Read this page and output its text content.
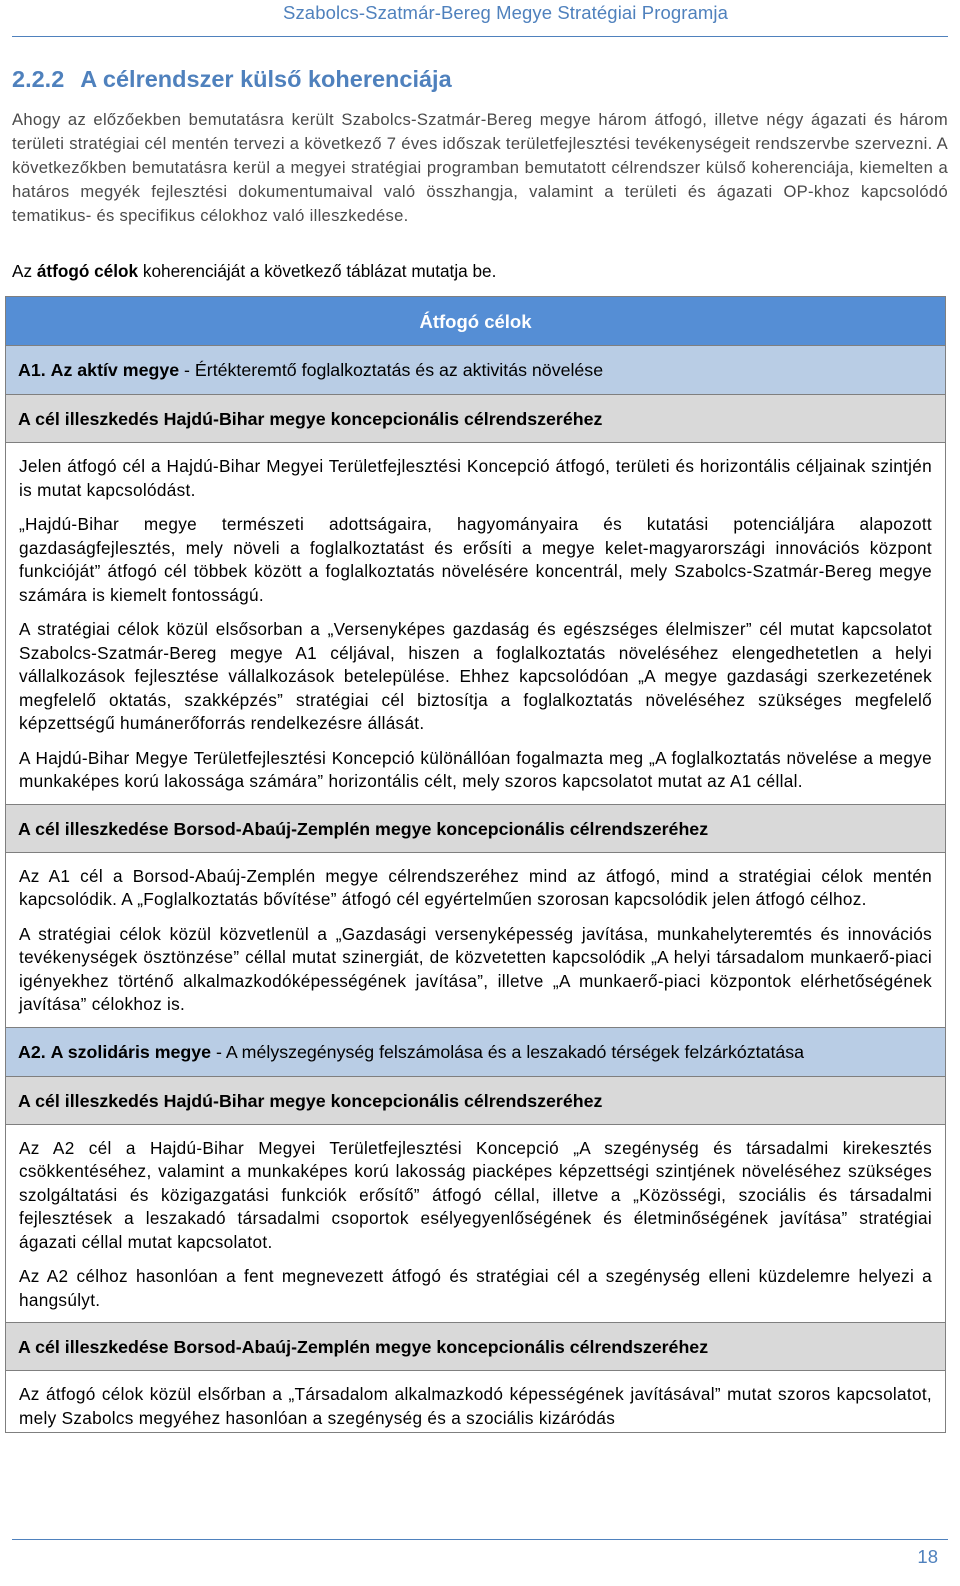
Szabolcs-Szatmár-Bereg Megye Stratégiai Programja
2.2.2 A célrendszer külső koherenciája

Ahogy az előzőekben bemutatásra került Szabolcs-Szatmár-Bereg megye három átfogó, illetve négy ágazati és három területi stratégiai cél mentén tervezi a következő 7 éves időszak területfejlesztési tevékenységeit rendszervbe szervezni. A következőkben bemutatásra kerül a megyei stratégiai programban bemutatott célrendszer külső koherenciája, kiemelten a határos megyék fejlesztési dokumentumaival való összhangja, valamint a területi és ágazati OP-khoz kapcsolódó tematikus- és specifikus célokhoz való illeszkedése.

Az átfogó célok koherenciáját a következő táblázat mutatja be.
Átfogó célok
A1. Az aktív megye - Értékteremtő foglalkoztatás és az aktivitás növelése
A cél illeszkedés Hajdú-Bihar megye koncepcionális célrendszeréhez

Jelen átfogó cél a Hajdú-Bihar Megyei Területfejlesztési Koncepció átfogó, területi és horizontális céljainak szintjén is mutat kapcsolódást.

„Hajdú-Bihar megye természeti adottságaira, hagyományaira és kutatási potenciáljára alapozott gazdaságfejlesztés, mely növeli a foglalkoztatást és erősíti a megye kelet-magyarországi innovációs központ funkcióját” átfogó cél többek között a foglalkoztatás növelésére koncentrál, mely Szabolcs-Szatmár-Bereg megye számára is kiemelt fontosságú.

A stratégiai célok közül elsősorban a „Versenyképes gazdaság és egészséges élelmiszer” cél mutat kapcsolatot Szabolcs-Szatmár-Bereg megye A1 céljával, hiszen a foglalkoztatás növeléséhez elengedhetetlen a helyi vállalkozások fejlesztése vállalkozások betelepülése. Ehhez kapcsolódóan „A megye gazdasági szerkezetének megfelelő oktatás, szakképzés” stratégiai cél biztosítja a foglalkoztatás növeléséhez szükséges megfelelő képzettségű humánerőforrás rendelkezésre állását.

A Hajdú-Bihar Megye Területfejlesztési Koncepció különállóan fogalmazta meg „A foglalkoztatás növelése a megye munkaképes korú lakossága számára” horizontális célt, mely szoros kapcsolatot mutat az A1 céllal.

A cél illeszkedése Borsod-Abaúj-Zemplén megye koncepcionális célrendszeréhez

Az A1 cél a Borsod-Abaúj-Zemplén megye célrendszeréhez mind az átfogó, mind a stratégiai célok mentén kapcsolódik. A „Foglalkoztatás bővítése” átfogó cél egyértelműen szorosan kapcsolódik jelen átfogó célhoz.

A stratégiai célok közül közvetlenül a „Gazdasági versenyképesség javítása, munkahelyteremtés és innovációs tevékenységek ösztönzése” céllal mutat szinergiát, de közvetetten kapcsolódik „A helyi társadalom munkaerő-piaci igényekhez történő alkalmazkodóképességének javítása”, illetve „A munkaerő-piaci központok elérhetőségének javítása” célokhoz is.

A2. A szolidáris megye - A mélyszegénység felszámolása és a leszakadó térségek felzárkóztatása
A cél illeszkedés Hajdú-Bihar megye koncepcionális célrendszeréhez

Az A2 cél a Hajdú-Bihar Megyei Területfejlesztési Koncepció „A szegénység és társadalmi kirekesztés csökkentéséhez, valamint a munkaképes korú lakosság piacképes képzettségi szintjének növeléséhez szükséges szolgáltatási és közigazgatási funkciók erősítő” átfogó céllal, illetve a „Közösségi, szociális és társadalmi fejlesztések a leszakadó társadalmi csoportok esélyegyenlőségének és életminőségének javítása” stratégiai ágazati céllal mutat kapcsolatot.

Az A2 célhoz hasonlóan a fent megnevezett átfogó és stratégiai cél a szegénység elleni küzdelemre helyezi a hangsúlyt.

A cél illeszkedése Borsod-Abaúj-Zemplén megye koncepcionális célrendszeréhez

Az átfogó célok közül elsőrban a „Társadalom alkalmazkodó képességének javításával” mutat szoros kapcsolatot, mely Szabolcs megyéhez hasonlóan a szegénység és a szociális kizáródás

18
